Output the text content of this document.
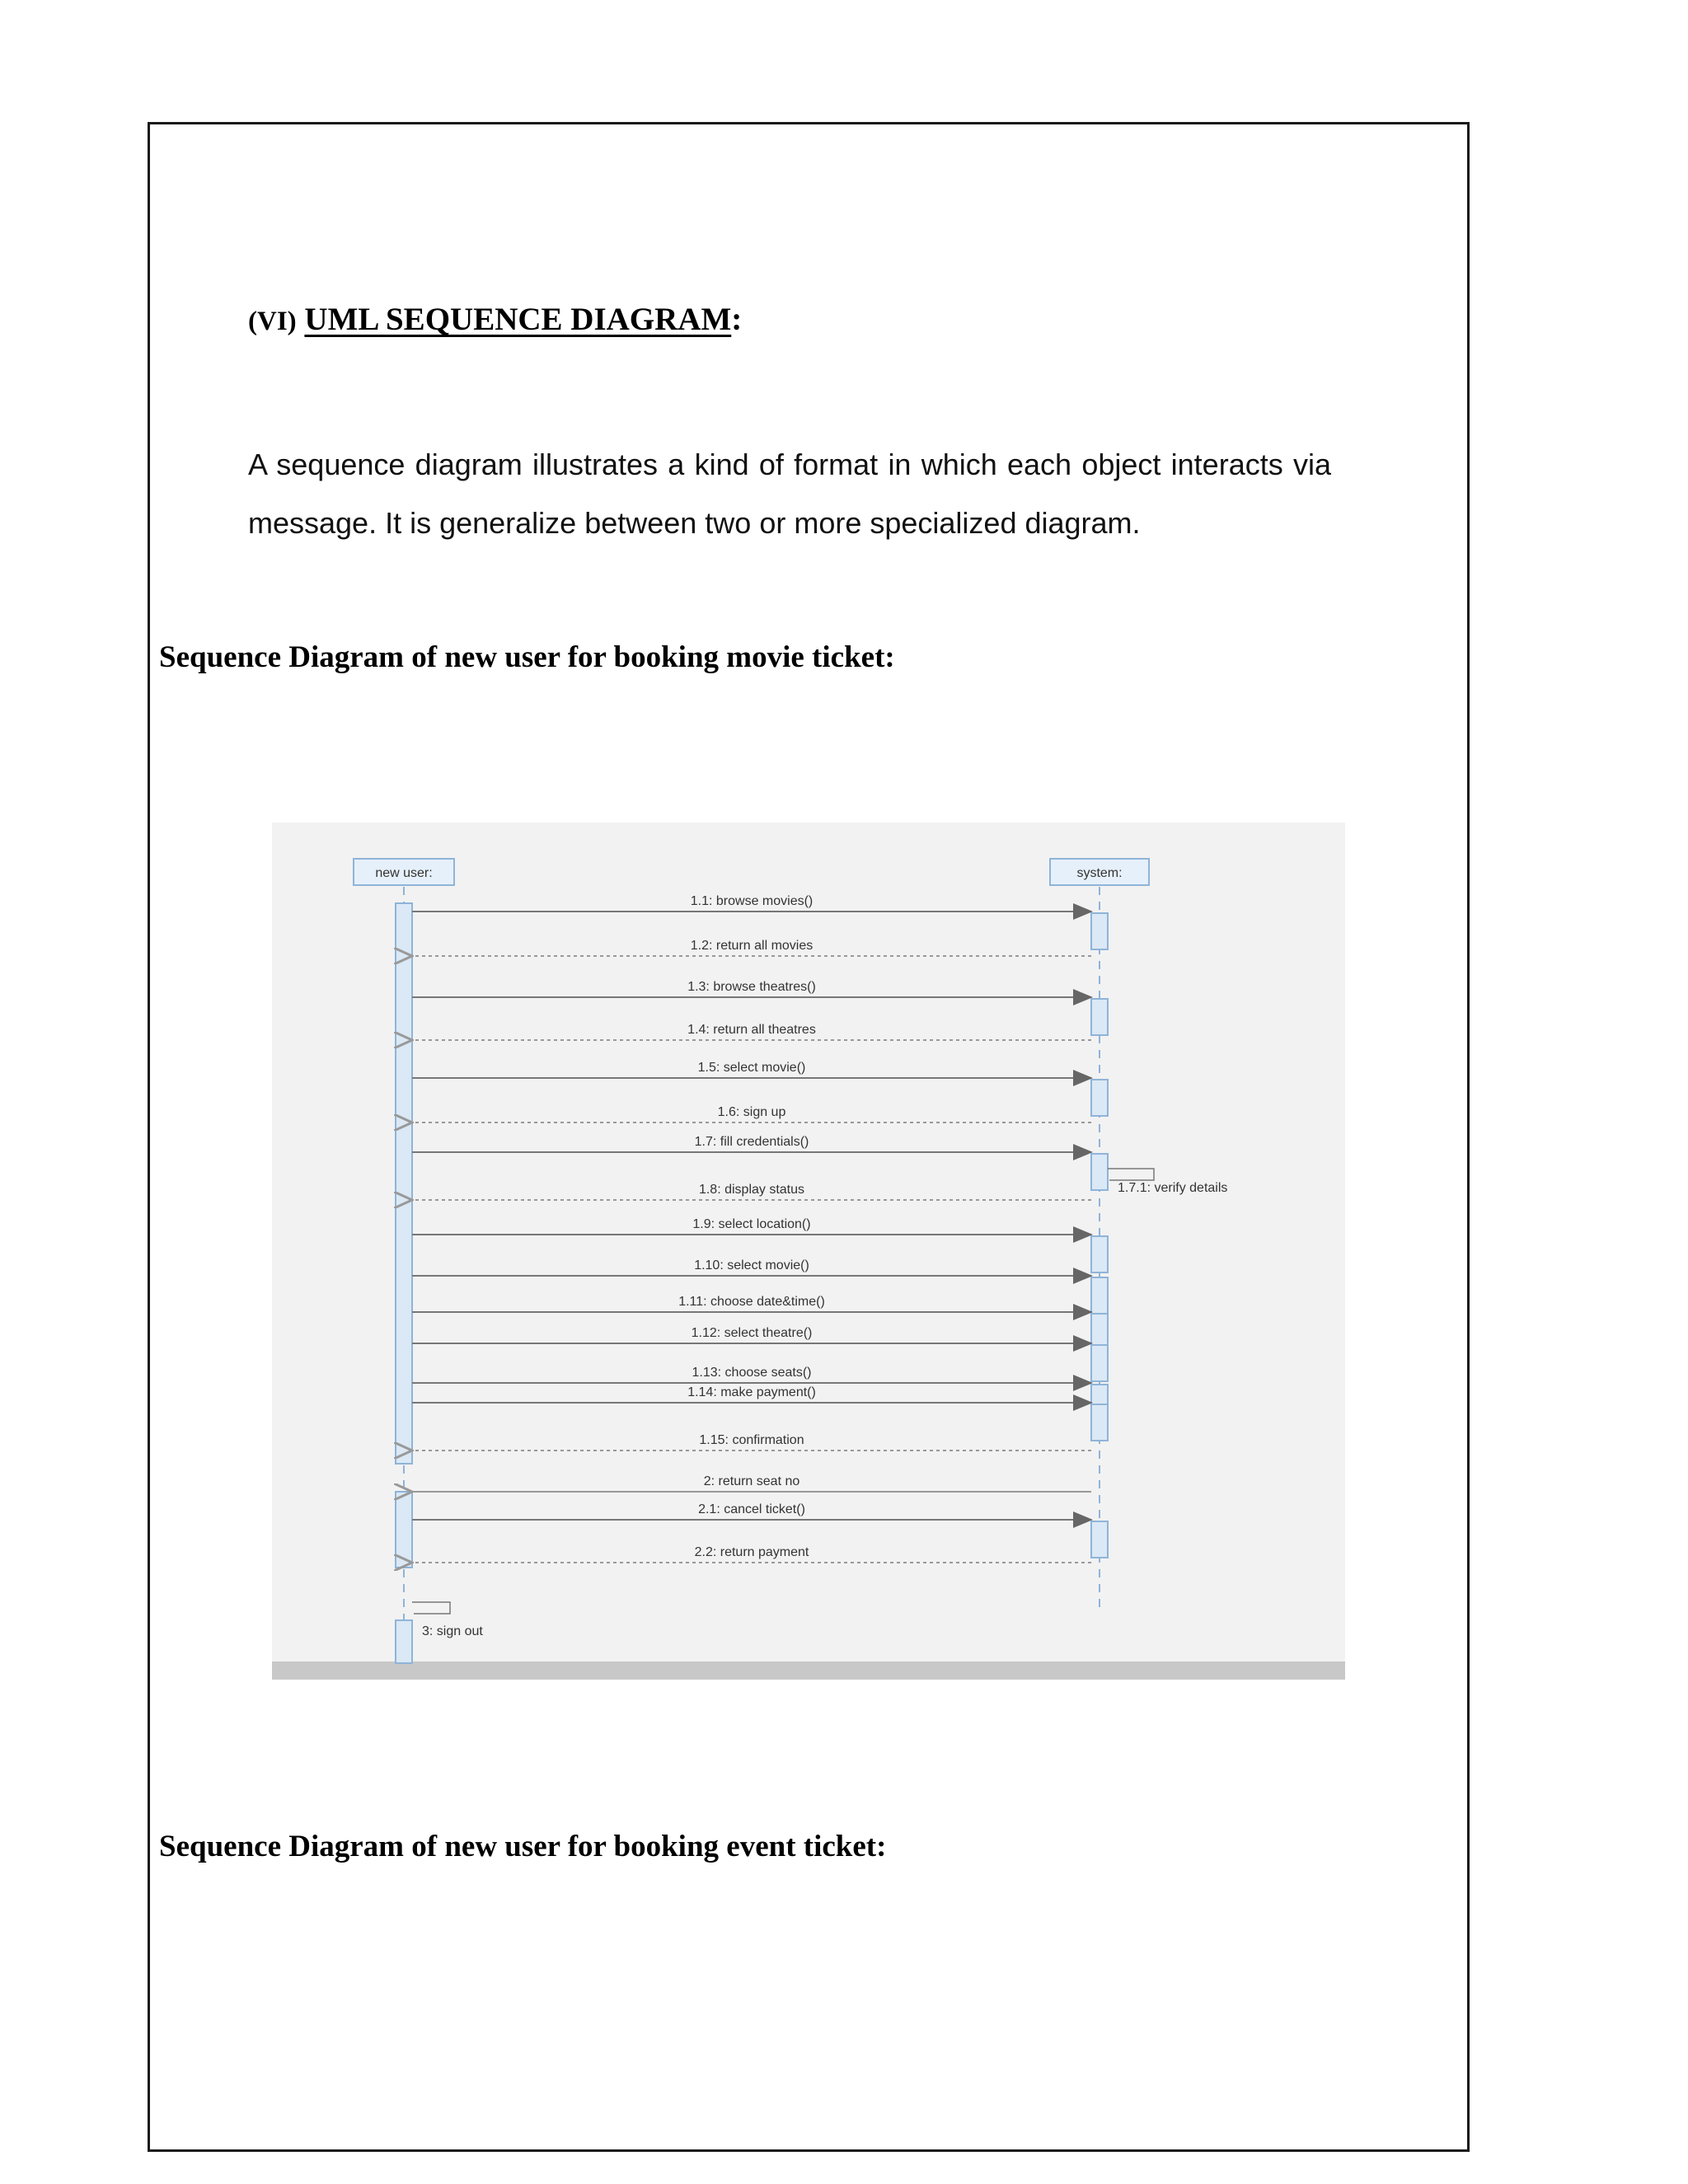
(VI) UML SEQUENCE DIAGRAM:
A sequence diagram illustrates a kind of format in which each object interacts via message. It is generalize between two or more specialized diagram.
Sequence Diagram of new user for booking movie ticket:
new user:	system:
1.1: browse movies()
1.2: return all movies
1.3: browse theatres()
1.4: return all theatres
1.5: select movie()
1.6: sign up
1.7: fill credentials()
1.7.1: verify details
1.8: display status
1.9: select location()
1.10: select movie()
1.11: choose date&time()
1.12: select theatre()
1.13: choose seats()
1.14: make payment()
1.15: confirmation
2: return seat no
2.1: cancel ticket()
2.2: return payment
3: sign out
Sequence Diagram of new user for booking event ticket:
